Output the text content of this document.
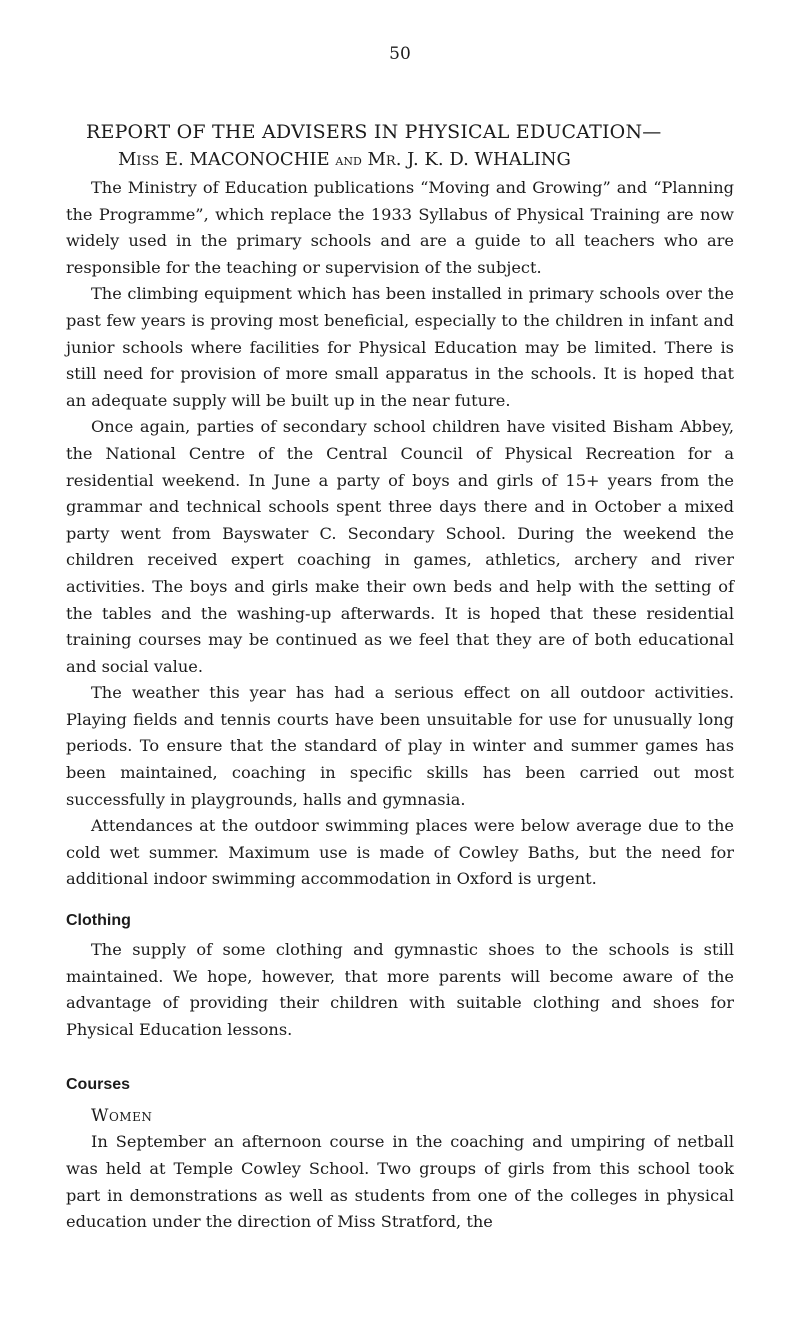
50
REPORT OF THE ADVISERS IN PHYSICAL EDUCATION—
Miss E. MACONOCHIE and Mr. J. K. D. WHALING

The Ministry of Education publications “Moving and Growing” and “Planning the Programme”, which replace the 1933 Syllabus of Physical Training are now widely used in the primary schools and are a guide to all teachers who are responsible for the teaching or supervision of the subject.

The climbing equipment which has been installed in primary schools over the past few years is proving most beneficial, especially to the children in infant and junior schools where facilities for Physical Education may be limited. There is still need for provision of more small apparatus in the schools. It is hoped that an adequate supply will be built up in the near future.

Once again, parties of secondary school children have visited Bisham Abbey, the National Centre of the Central Council of Physical Recreation for a residential weekend. In June a party of boys and girls of 15+ years from the grammar and technical schools spent three days there and in October a mixed party went from Bayswater C. Secondary School. During the weekend the children received expert coaching in games, athletics, archery and river activities. The boys and girls make their own beds and help with the setting of the tables and the washing-up afterwards. It is hoped that these residential training courses may be continued as we feel that they are of both educational and social value.

The weather this year has had a serious effect on all outdoor activities. Playing fields and tennis courts have been unsuitable for use for unusually long periods. To ensure that the standard of play in winter and summer games has been maintained, coaching in specific skills has been carried out most successfully in playgrounds, halls and gymnasia.

Attendances at the outdoor swimming places were below average due to the cold wet summer. Maximum use is made of Cowley Baths, but the need for additional indoor swimming accommodation in Oxford is urgent.

Clothing

The supply of some clothing and gymnastic shoes to the schools is still maintained. We hope, however, that more parents will become aware of the advantage of providing their children with suitable clothing and shoes for Physical Education lessons.

Courses
Women

In September an afternoon course in the coaching and umpiring of netball was held at Temple Cowley School. Two groups of girls from this school took part in demonstrations as well as students from one of the colleges in physical education under the direction of Miss Stratford, the
